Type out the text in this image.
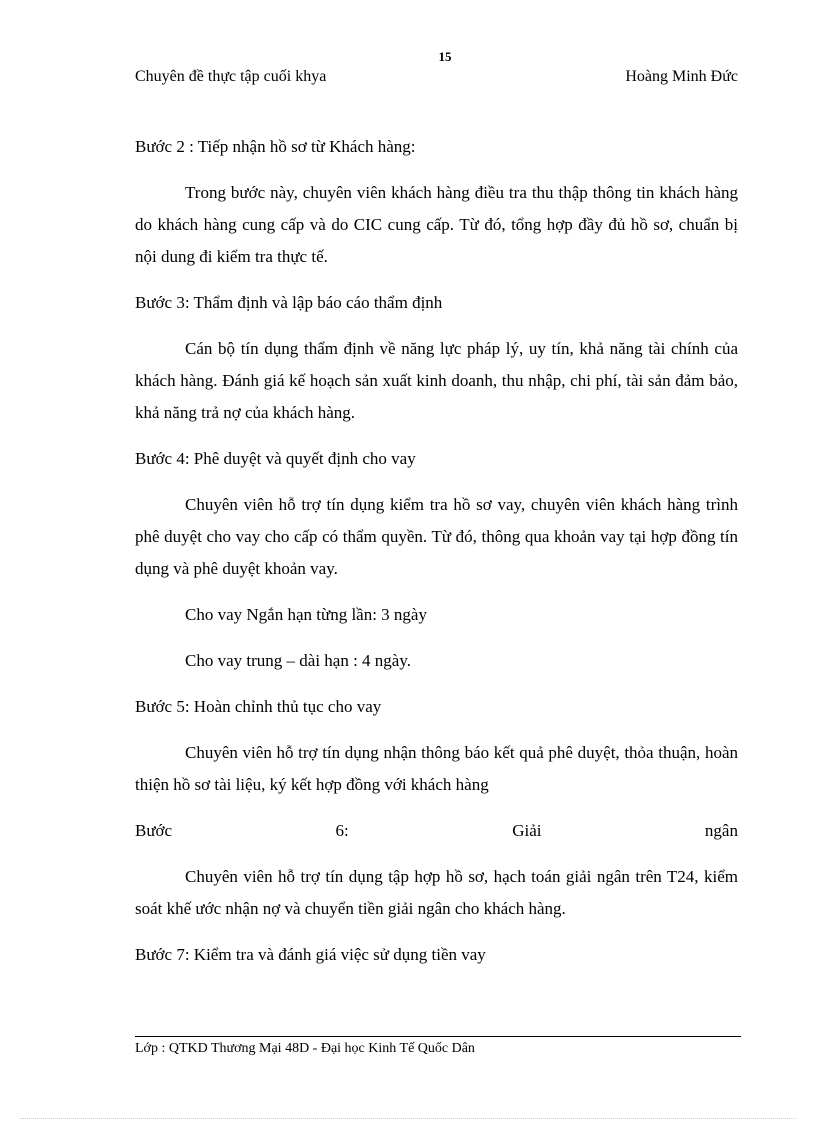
15
Chuyên đề thực tập cuối khya	Hoàng Minh Đức

Bước 2 : Tiếp nhận hồ sơ từ Khách hàng:

Trong bước này, chuyên viên khách hàng điều tra thu thập thông tin khách hàng do khách hàng cung cấp và do CIC cung cấp. Từ đó, tổng hợp đầy đủ hồ sơ, chuẩn bị nội dung đi kiểm tra thực tế.

Bước 3: Thẩm định và lập báo cáo thẩm định

Cán bộ tín dụng thẩm định về năng lực pháp lý, uy tín, khả năng tài chính của khách hàng. Đánh giá kế hoạch sản xuất kinh doanh, thu nhập, chi phí, tài sản đảm bảo, khả năng trả nợ của khách hàng.

Bước 4: Phê duyệt và quyết định cho vay

Chuyên viên hỗ trợ tín dụng kiểm tra hồ sơ vay, chuyên viên khách hàng trình phê duyệt cho vay cho cấp có thẩm quyền. Từ đó, thông qua khoản vay tại hợp đồng tín dụng và phê duyệt khoản vay.

Cho vay Ngắn hạn từng lần: 3 ngày

Cho vay trung – dài hạn : 4 ngày.

Bước 5: Hoàn chỉnh thủ tục cho vay

Chuyên viên hỗ trợ tín dụng nhận thông báo kết quả phê duyệt, thỏa thuận, hoàn thiện hồ sơ tài liệu, ký kết hợp đồng với khách hàng

Bước	6:	Giải	ngân

Chuyên viên hỗ trợ tín dụng tập hợp hồ sơ, hạch toán giải ngân trên T24, kiểm soát khế ước nhận nợ và chuyển tiền giải ngân cho khách hàng.

Bước 7: Kiểm tra và đánh giá việc sử dụng tiền vay

Lớp : QTKD Thương Mại 48D - Đại học Kinh Tế Quốc Dân
